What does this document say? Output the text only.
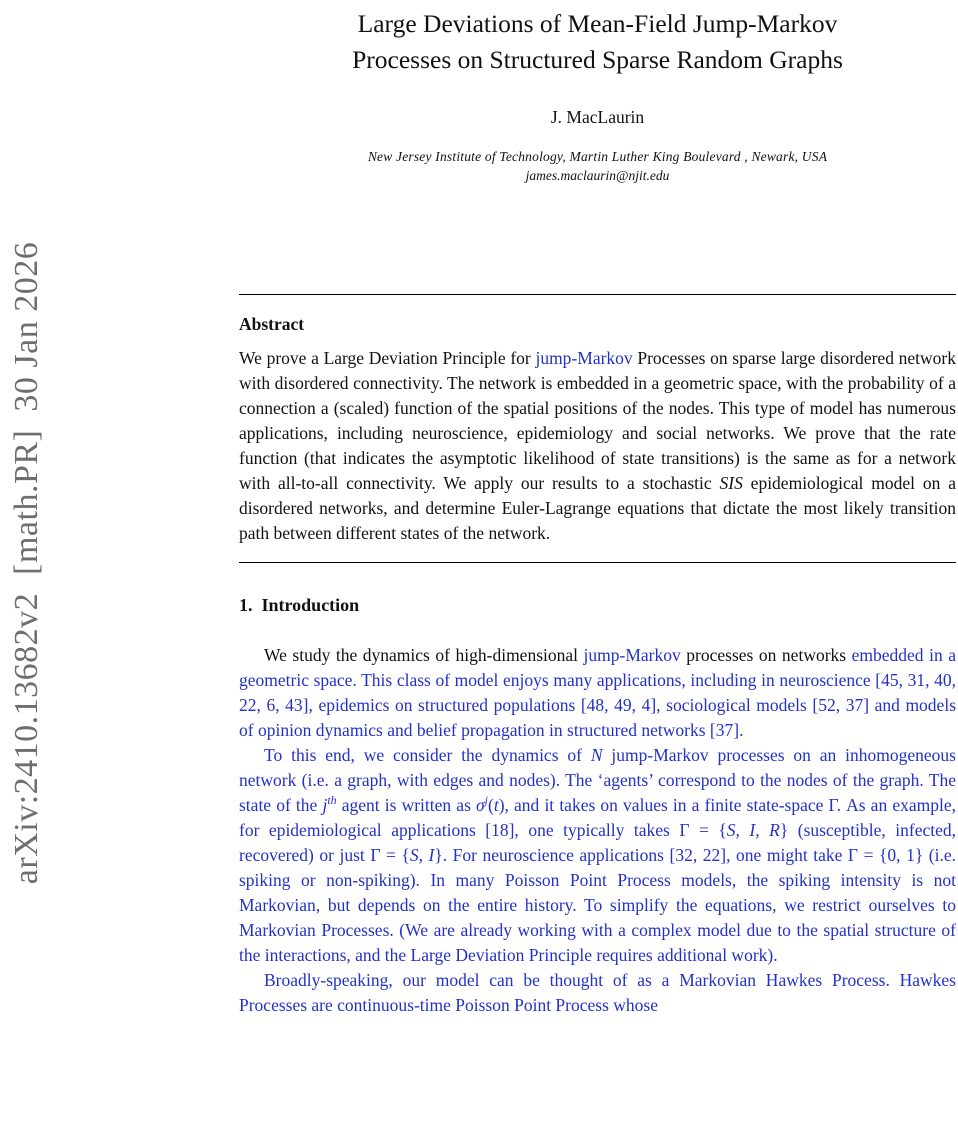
arXiv:2410.13682v2  [math.PR]  30 Jan 2026
Large Deviations of Mean-Field Jump-Markov
Processes on Structured Sparse Random Graphs
J. MacLaurin
New Jersey Institute of Technology, Martin Luther King Boulevard , Newark, USA
james.maclaurin@njit.edu
Abstract

We prove a Large Deviation Principle for jump-Markov Processes on sparse large disordered network with disordered connectivity. The network is embedded in a geometric space, with the probability of a connection a (scaled) function of the spatial positions of the nodes. This type of model has numerous applications, including neuroscience, epidemiology and social networks. We prove that the rate function (that indicates the asymptotic likelihood of state transitions) is the same as for a network with all-to-all connectivity. We apply our results to a stochastic SIS epidemiological model on a disordered networks, and determine Euler-Lagrange equations that dictate the most likely transition path between different states of the network.

1.  Introduction

We study the dynamics of high-dimensional jump-Markov processes on networks embedded in a geometric space. This class of model enjoys many applications, including in neuroscience [45, 31, 40, 22, 6, 43], epidemics on structured populations [48, 49, 4], sociological models [52, 37] and models of opinion dynamics and belief propagation in structured networks [37].

To this end, we consider the dynamics of N jump-Markov processes on an inhomogeneous network (i.e. a graph, with edges and nodes). The ‘agents’ correspond to the nodes of the graph. The state of the $j^{th}$ agent is written as $\sigma^j(t)$, and it takes on values in a finite state-space Γ. As an example, for epidemiological applications [18], one typically takes Γ = {S, I, R} (susceptible, infected, recovered) or just Γ = {S, I}. For neuroscience applications [32, 22], one might take Γ = {0, 1} (i.e. spiking or non-spiking). In many Poisson Point Process models, the spiking intensity is not Markovian, but depends on the entire history. To simplify the equations, we restrict ourselves to Markovian Processes. (We are already working with a complex model due to the spatial structure of the interactions, and the Large Deviation Principle requires additional work).

Broadly-speaking, our model can be thought of as a Markovian Hawkes Process. Hawkes Processes are continuous-time Poisson Point Process whose
